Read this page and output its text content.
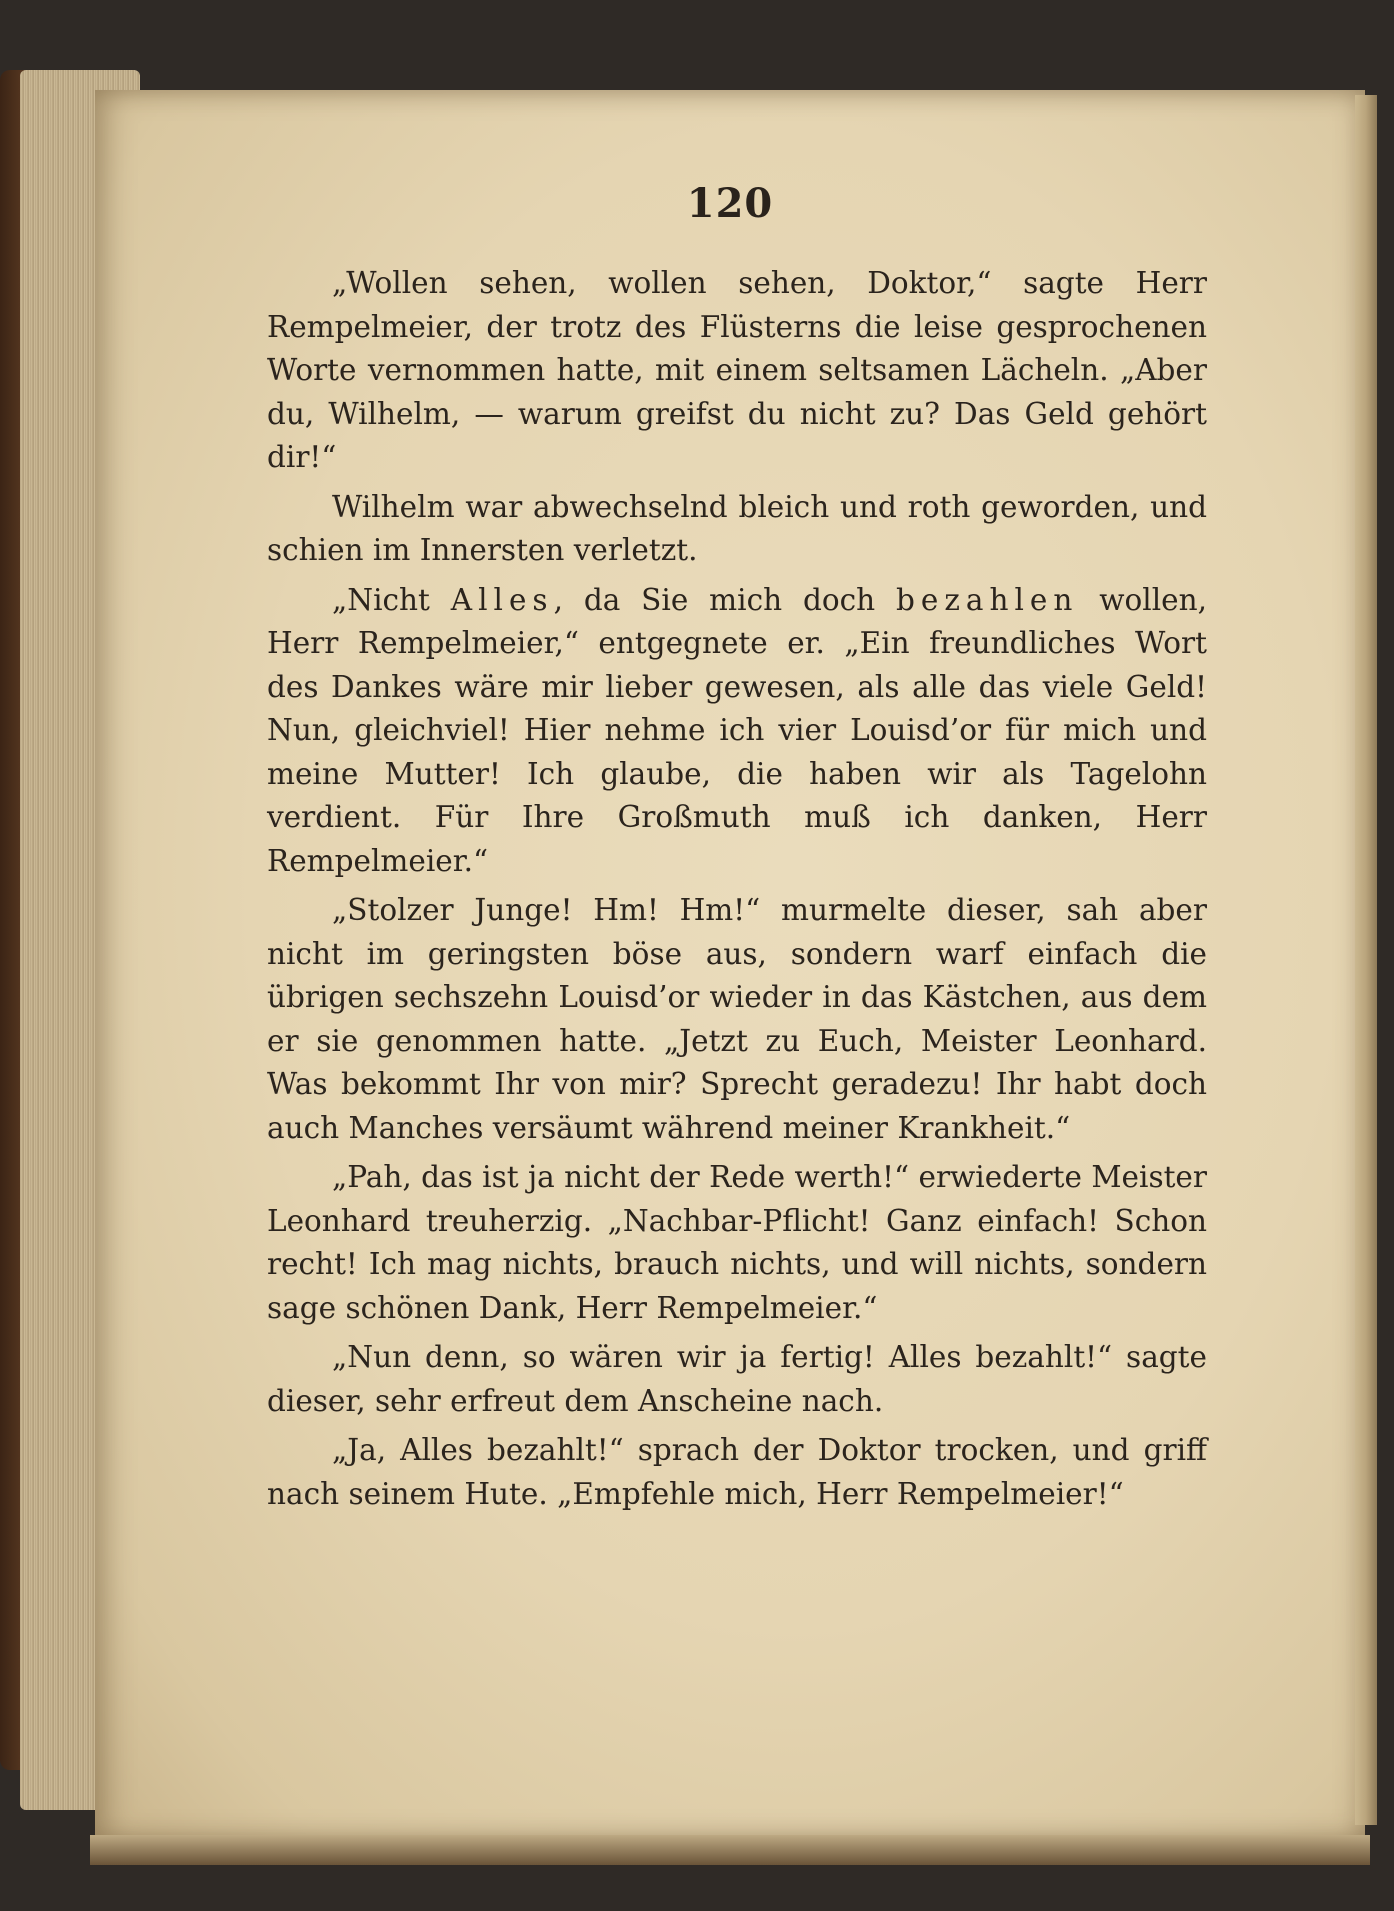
120

„Wollen sehen, wollen sehen, Doktor,“ sagte Herr Rempelmeier, der trotz des Flüsterns die leise gesprochenen Worte vernommen hatte, mit einem seltsamen Lächeln. „Aber du, Wilhelm, — warum greifst du nicht zu? Das Geld gehört dir!“

Wilhelm war abwechselnd bleich und roth geworden, und schien im Innersten verletzt.

„Nicht Alles, da Sie mich doch bezahlen wollen, Herr Rempelmeier,“ entgegnete er. „Ein freundliches Wort des Dankes wäre mir lieber gewesen, als alle das viele Geld! Nun, gleichviel! Hier nehme ich vier Louisd’or für mich und meine Mutter! Ich glaube, die haben wir als Tagelohn verdient. Für Ihre Großmuth muß ich danken, Herr Rempelmeier.“

„Stolzer Junge! Hm! Hm!“ murmelte dieser, sah aber nicht im geringsten böse aus, sondern warf einfach die übrigen sechszehn Louisd’or wieder in das Kästchen, aus dem er sie genommen hatte. „Jetzt zu Euch, Meister Leonhard. Was bekommt Ihr von mir? Sprecht geradezu! Ihr habt doch auch Manches versäumt während meiner Krankheit.“

„Pah, das ist ja nicht der Rede werth!“ erwiederte Meister Leonhard treuherzig. „Nachbar-Pflicht! Ganz einfach! Schon recht! Ich mag nichts, brauch nichts, und will nichts, sondern sage schönen Dank, Herr Rempelmeier.“

„Nun denn, so wären wir ja fertig! Alles bezahlt!“ sagte dieser, sehr erfreut dem Anscheine nach.

„Ja, Alles bezahlt!“ sprach der Doktor trocken, und griff nach seinem Hute. „Empfehle mich, Herr Rempelmeier!“
